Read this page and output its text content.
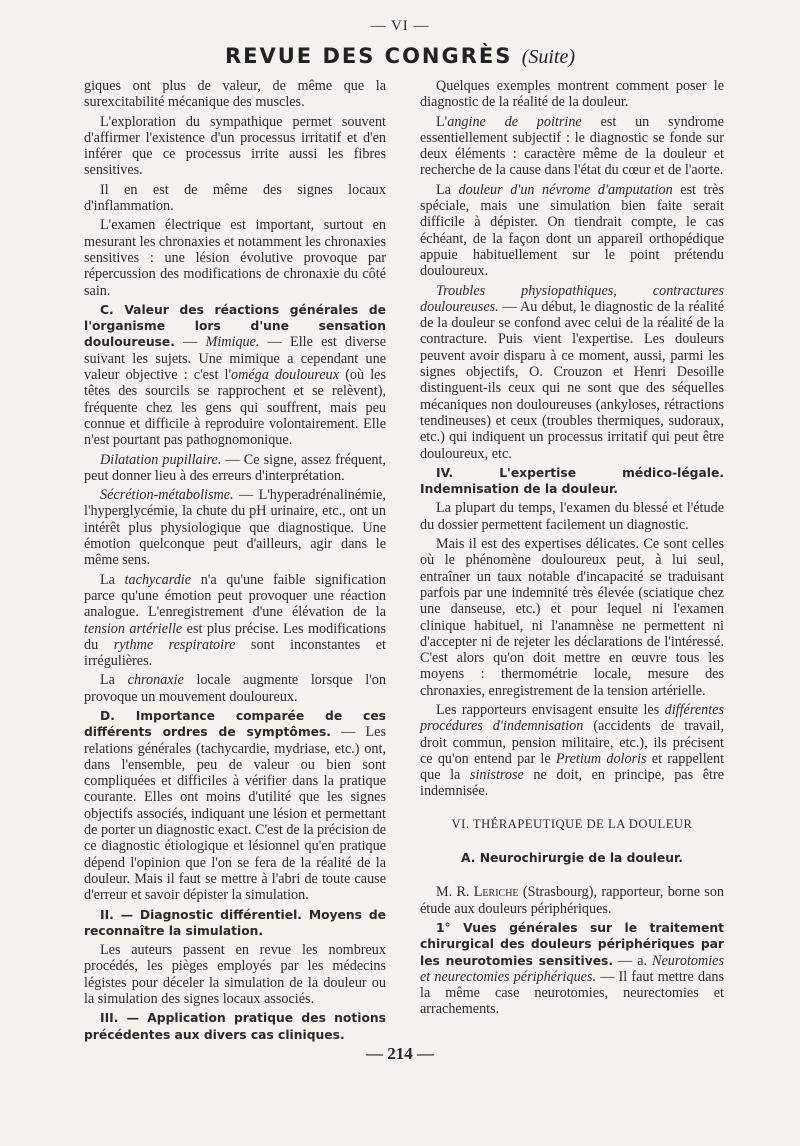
— VI —
REVUE DES CONGRÈS (Suite)

giques ont plus de valeur, de même que la surexcitabilité mécanique des muscles.

L'exploration du sympathique permet souvent d'affirmer l'existence d'un processus irritatif et d'en inférer que ce processus irrite aussi les fibres sensitives.

Il en est de même des signes locaux d'inflammation.

L'examen électrique est important, surtout en mesurant les chronaxies et notamment les chronaxies sensitives : une lésion évolutive provoque par répercussion des modifications de chronaxie du côté sain.

C. Valeur des réactions générales de l'organisme lors d'une sensation douloureuse. — Mimique. — Elle est diverse suivant les sujets. Une mimique a cependant une valeur objective : c'est l'oméga douloureux (où les têtes des sourcils se rapprochent et se relèvent), fréquente chez les gens qui souffrent, mais peu connue et difficile à reproduire volontairement. Elle n'est pourtant pas pathognomonique.

Dilatation pupillaire. — Ce signe, assez fréquent, peut donner lieu à des erreurs d'interprétation.

Sécrétion-métabolisme. — L'hyperadrénalinémie, l'hyperglycémie, la chute du pH urinaire, etc., ont un intérêt plus physiologique que diagnostique. Une émotion quelconque peut d'ailleurs, agir dans le même sens.

La tachycardie n'a qu'une faible signification parce qu'une émotion peut provoquer une réaction analogue. L'enregistrement d'une élévation de la tension artérielle est plus précise. Les modifications du rythme respiratoire sont inconstantes et irrégulières.

La chronaxie locale augmente lorsque l'on provoque un mouvement douloureux.

D. Importance comparée de ces différents ordres de symptômes. — Les relations générales (tachycardie, mydriase, etc.) ont, dans l'ensemble, peu de valeur ou bien sont compliquées et difficiles à vérifier dans la pratique courante. Elles ont moins d'utilité que les signes objectifs associés, indiquant une lésion et permettant de porter un diagnostic exact. C'est de la précision de ce diagnostic étiologique et lésionnel qu'en pratique dépend l'opinion que l'on se fera de la réalité de la douleur. Mais il faut se mettre à l'abri de toute cause d'erreur et savoir dépister la simulation.

II. — Diagnostic différentiel. Moyens de reconnaître la simulation.

Les auteurs passent en revue les nombreux procédés, les pièges employés par les médecins légistes pour déceler la simulation de la douleur ou la simulation des signes locaux associés.

III. — Application pratique des notions précédentes aux divers cas cliniques.

Quelques exemples montrent comment poser le diagnostic de la réalité de la douleur.

L'angine de poitrine est un syndrome essentiellement subjectif : le diagnostic se fonde sur deux éléments : caractère même de la douleur et recherche de la cause dans l'état du cœur et de l'aorte.

La douleur d'un névrome d'amputation est très spéciale, mais une simulation bien faite serait difficile à dépister. On tiendrait compte, le cas échéant, de la façon dont un appareil orthopédique appuie habituellement sur le point prétendu douloureux.

Troubles physiopathiques, contractures douloureuses. — Au début, le diagnostic de la réalité de la douleur se confond avec celui de la réalité de la contracture. Puis vient l'expertise. Les douleurs peuvent avoir disparu à ce moment, aussi, parmi les signes objectifs, O. Crouzon et Henri Desoille distinguent-ils ceux qui ne sont que des séquelles mécaniques non douloureuses (ankyloses, rétractions tendineuses) et ceux (troubles thermiques, sudoraux, etc.) qui indiquent un processus irritatif qui peut être douloureux, etc.

IV. L'expertise médico-légale. Indemnisation de la douleur.

La plupart du temps, l'examen du blessé et l'étude du dossier permettent facilement un diagnostic.

Mais il est des expertises délicates. Ce sont celles où le phénomène douloureux peut, à lui seul, entraîner un taux notable d'incapacité se traduisant parfois par une indemnité très élevée (sciatique chez une danseuse, etc.) et pour lequel ni l'examen clinique habituel, ni l'anamnèse ne permettent ni d'accepter ni de rejeter les déclarations de l'intéressé. C'est alors qu'on doit mettre en œuvre tous les moyens : thermométrie locale, mesure des chronaxies, enregistrement de la tension artérielle.

Les rapporteurs envisagent ensuite les différentes procédures d'indemnisation (accidents de travail, droit commun, pension militaire, etc.), ils précisent ce qu'on entend par le Pretium doloris et rappellent que la sinistrose ne doit, en principe, pas être indemnisée.

VI. THÉRAPEUTIQUE DE LA DOULEUR

A. Neurochirurgie de la douleur.

M. R. Leriche (Strasbourg), rapporteur, borne son étude aux douleurs périphériques.

1° Vues générales sur le traitement chirurgical des douleurs périphériques par les neurotomies sensitives. — a. Neurotomies et neurectomies périphériques. — Il faut mettre dans la même case neurotomies, neurectomies et arrachements.

— 214 —
